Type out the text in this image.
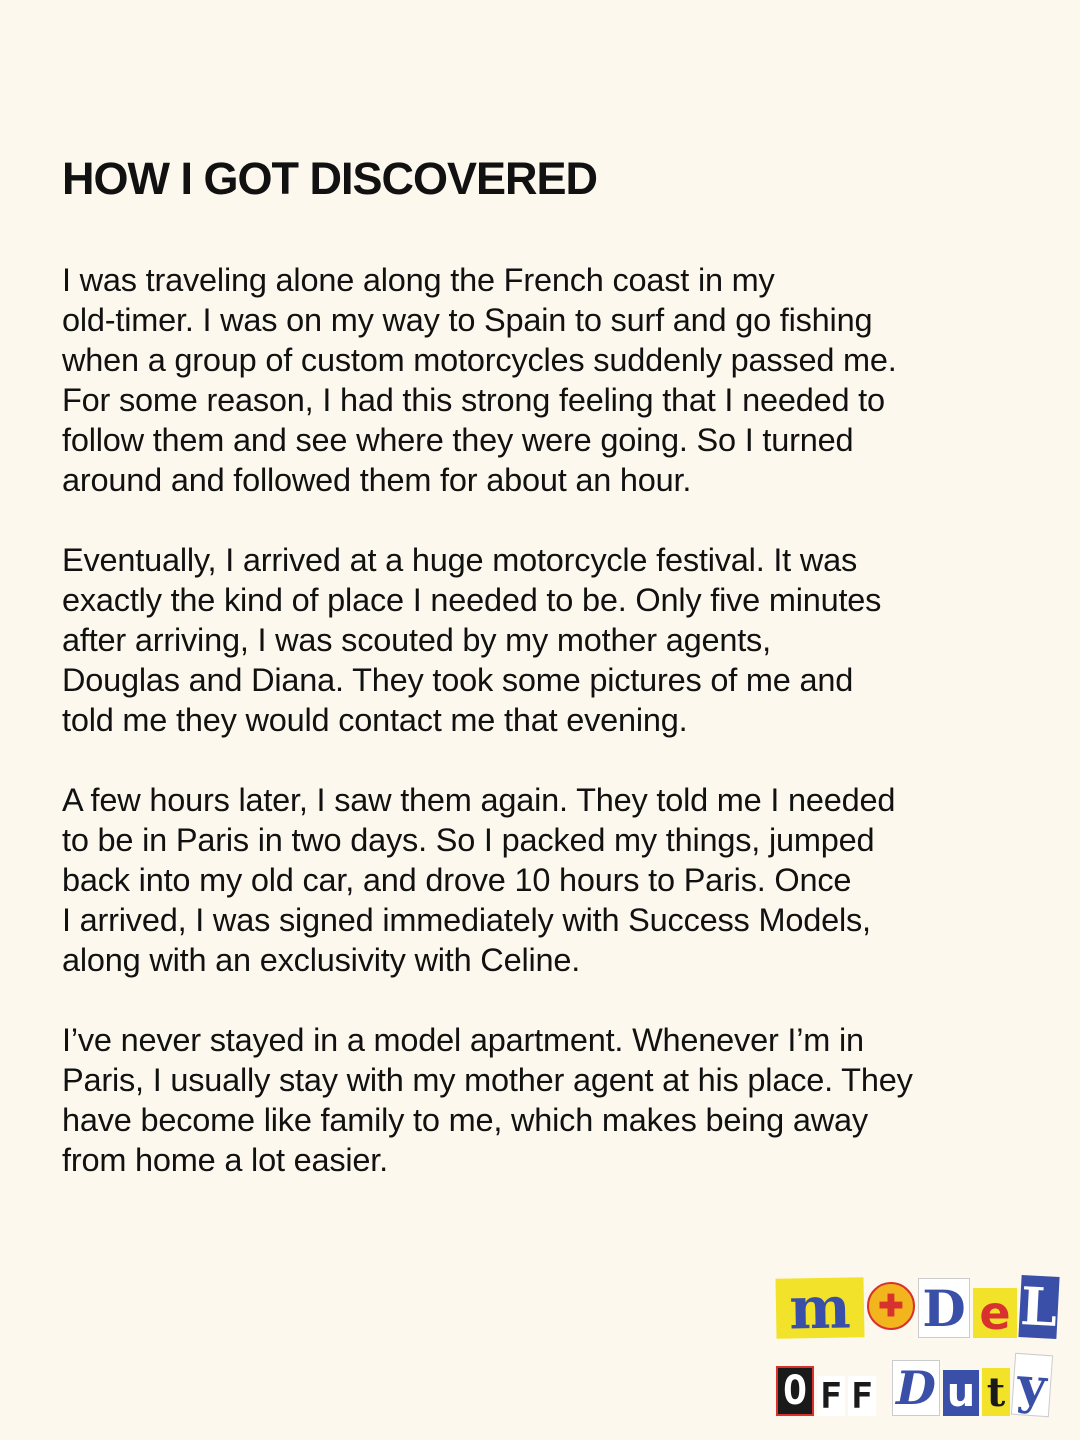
HOW I GOT DISCOVERED

I was traveling alone along the French coast in my
old-timer. I was on my way to Spain to surf and go fishing
when a group of custom motorcycles suddenly passed me.
For some reason, I had this strong feeling that I needed to
follow them and see where they were going. So I turned
around and followed them for about an hour.

Eventually, I arrived at a huge motorcycle festival. It was
exactly the kind of place I needed to be. Only five minutes
after arriving, I was scouted by my mother agents,
Douglas and Diana. They took some pictures of me and
told me they would contact me that evening.

A few hours later, I saw them again. They told me I needed
to be in Paris in two days. So I packed my things, jumped
back into my old car, and drove 10 hours to Paris. Once
I arrived, I was signed immediately with Success Models,
along with an exclusivity with Celine.

I’ve never stayed in a model apartment. Whenever I’m in
Paris, I usually stay with my mother agent at his place. They
have become like family to me, which makes being away
from home a lot easier.

m ✚ D e L
O F F D u t y
